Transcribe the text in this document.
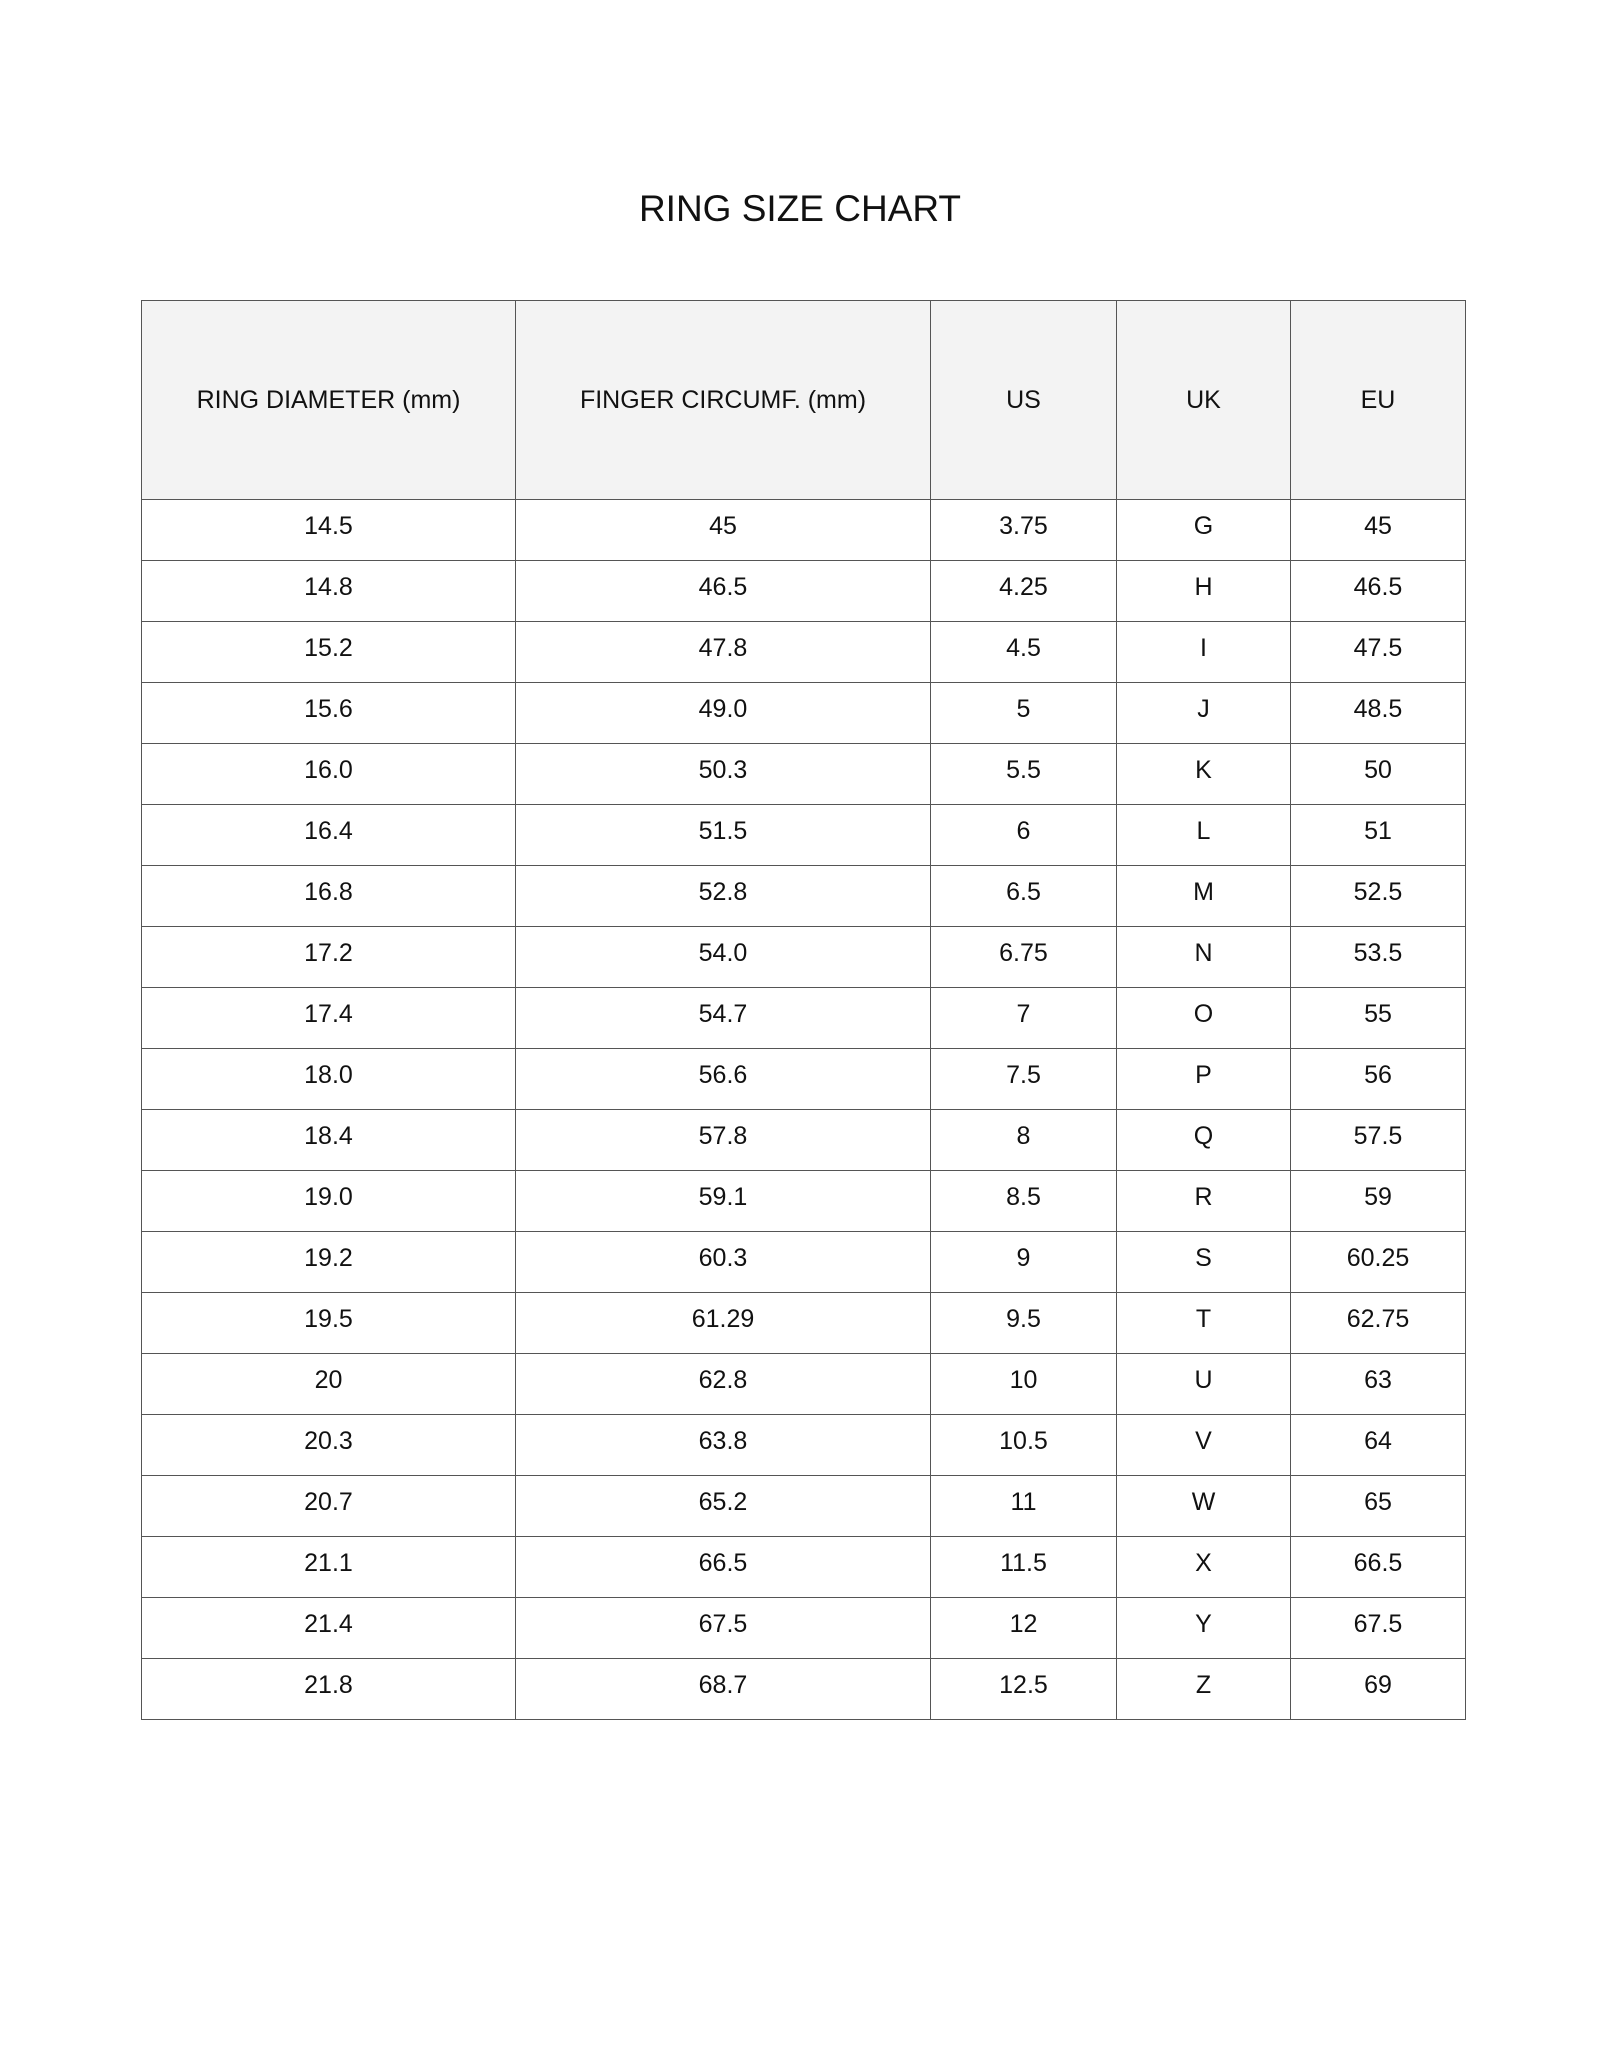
RING SIZE CHART
RING DIAMETER (mm)	FINGER CIRCUMF. (mm)	US	UK	EU
14.5	45	3.75	G	45
14.8	46.5	4.25	H	46.5
15.2	47.8	4.5	I	47.5
15.6	49.0	5	J	48.5
16.0	50.3	5.5	K	50
16.4	51.5	6	L	51
16.8	52.8	6.5	M	52.5
17.2	54.0	6.75	N	53.5
17.4	54.7	7	O	55
18.0	56.6	7.5	P	56
18.4	57.8	8	Q	57.5
19.0	59.1	8.5	R	59
19.2	60.3	9	S	60.25
19.5	61.29	9.5	T	62.75
20	62.8	10	U	63
20.3	63.8	10.5	V	64
20.7	65.2	11	W	65
21.1	66.5	11.5	X	66.5
21.4	67.5	12	Y	67.5
21.8	68.7	12.5	Z	69
